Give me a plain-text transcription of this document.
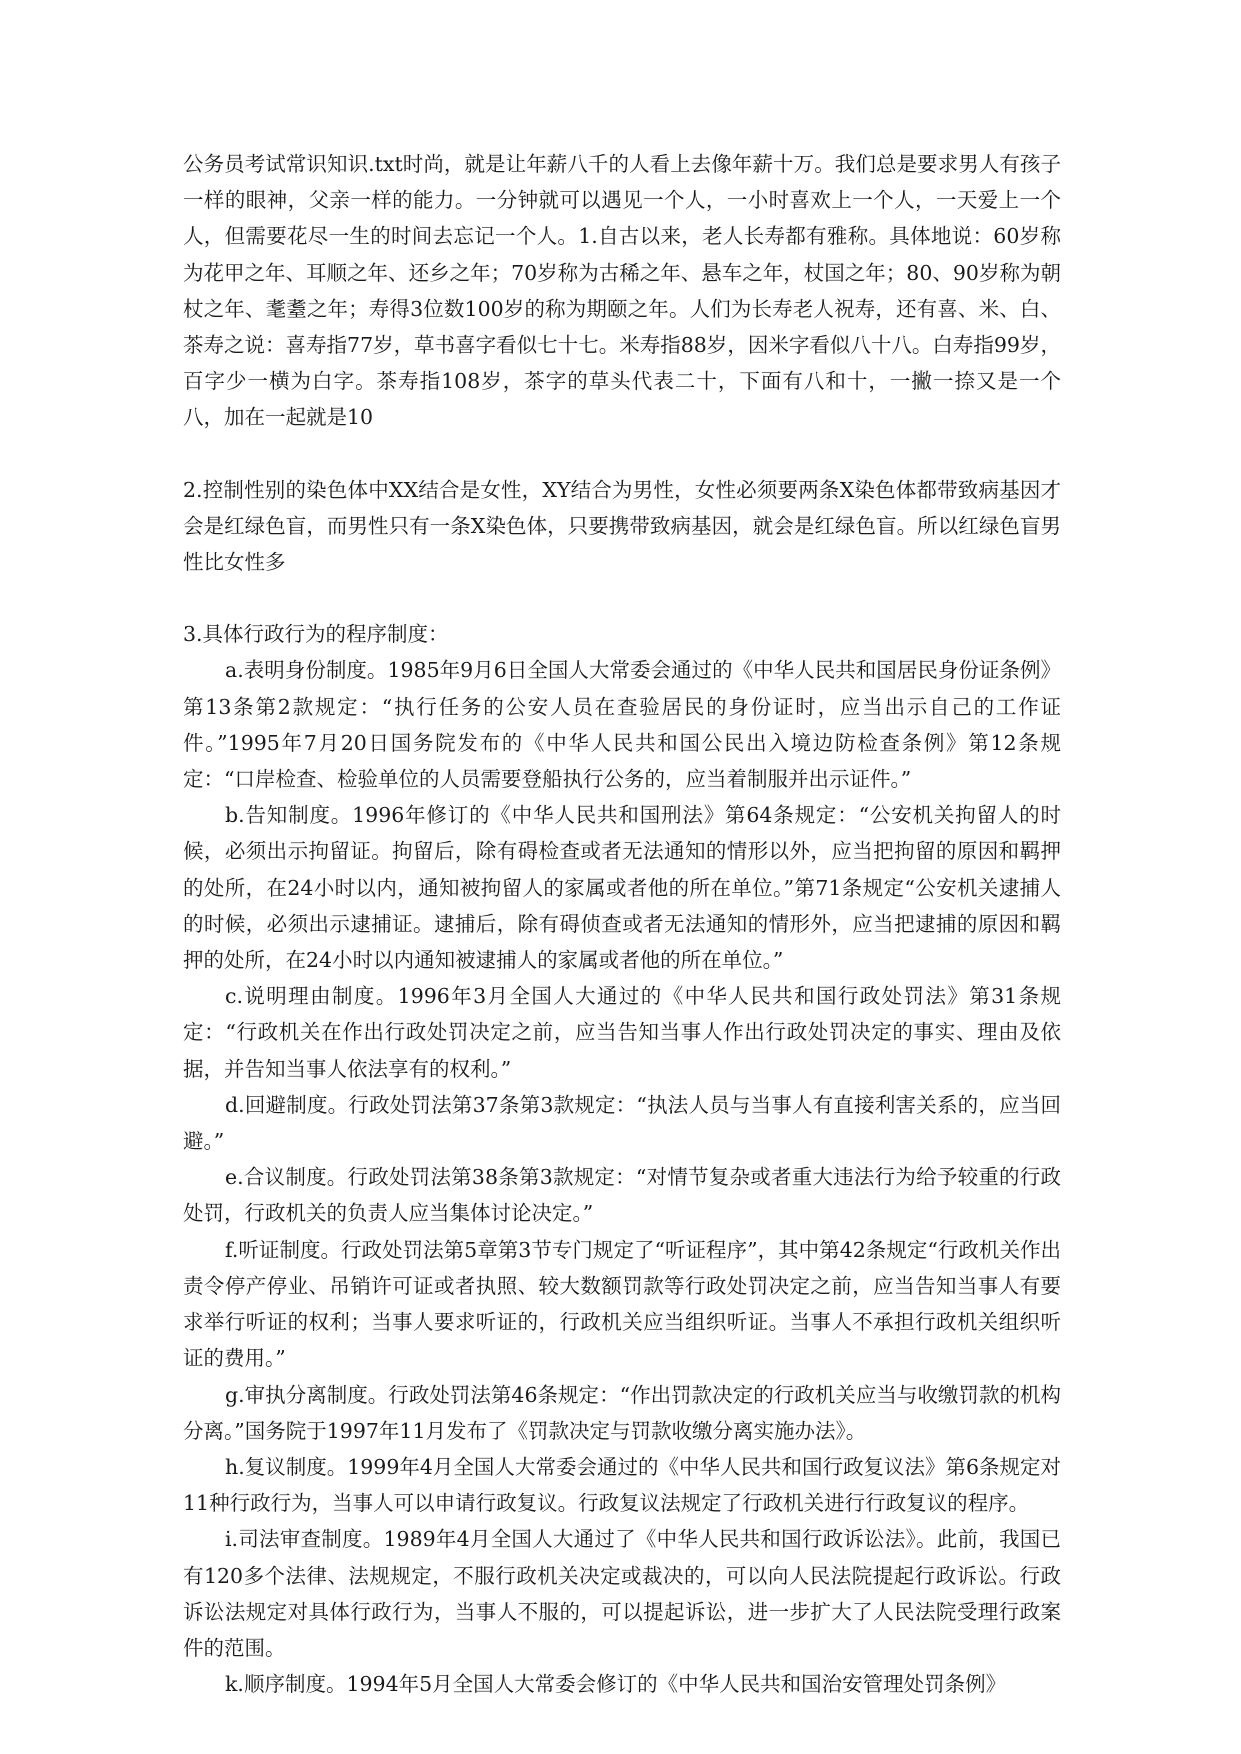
公务员考试常识知识.txt时尚，就是让年薪八千的人看上去像年薪十万。我们总是要求男人有孩子一样的眼神，父亲一样的能力。一分钟就可以遇见一个人，一小时喜欢上一个人，一天爱上一个人，但需要花尽一生的时间去忘记一个人。1.自古以来，老人长寿都有雅称。具体地说：60岁称为花甲之年、耳顺之年、还乡之年；70岁称为古稀之年、悬车之年，杖国之年；80、90岁称为朝杖之年、耄耋之年；寿得3位数100岁的称为期颐之年。人们为长寿老人祝寿，还有喜、米、白、茶寿之说：喜寿指77岁，草书喜字看似七十七。米寿指88岁，因米字看似八十八。白寿指99岁，百字少一横为白字。茶寿指108岁，茶字的草头代表二十，下面有八和十，一撇一捺又是一个八，加在一起就是10

2.控制性别的染色体中XX结合是女性，XY结合为男性，女性必须要两条X染色体都带致病基因才会是红绿色盲，而男性只有一条X染色体，只要携带致病基因，就会是红绿色盲。所以红绿色盲男性比女性多

3.具体行政行为的程序制度：

a.表明身份制度。1985年9月6日全国人大常委会通过的《中华人民共和国居民身份证条例》第13条第2款规定：“执行任务的公安人员在查验居民的身份证时，应当出示自己的工作证件。”1995年7月20日国务院发布的《中华人民共和国公民出入境边防检查条例》第12条规定：“口岸检查、检验单位的人员需要登船执行公务的，应当着制服并出示证件。”

b.告知制度。1996年修订的《中华人民共和国刑法》第64条规定：“公安机关拘留人的时候，必须出示拘留证。拘留后，除有碍检查或者无法通知的情形以外，应当把拘留的原因和羁押的处所，在24小时以内，通知被拘留人的家属或者他的所在单位。”第71条规定“公安机关逮捕人的时候，必须出示逮捕证。逮捕后，除有碍侦查或者无法通知的情形外，应当把逮捕的原因和羁押的处所，在24小时以内通知被逮捕人的家属或者他的所在单位。”

c.说明理由制度。1996年3月全国人大通过的《中华人民共和国行政处罚法》第31条规定：“行政机关在作出行政处罚决定之前，应当告知当事人作出行政处罚决定的事实、理由及依据，并告知当事人依法享有的权利。”

d.回避制度。行政处罚法第37条第3款规定：“执法人员与当事人有直接利害关系的，应当回避。”

e.合议制度。行政处罚法第38条第3款规定：“对情节复杂或者重大违法行为给予较重的行政处罚，行政机关的负责人应当集体讨论决定。”

f.听证制度。行政处罚法第5章第3节专门规定了“听证程序”，其中第42条规定“行政机关作出责令停产停业、吊销许可证或者执照、较大数额罚款等行政处罚决定之前，应当告知当事人有要求举行听证的权利；当事人要求听证的，行政机关应当组织听证。当事人不承担行政机关组织听证的费用。”

g.审执分离制度。行政处罚法第46条规定：“作出罚款决定的行政机关应当与收缴罚款的机构分离。”国务院于1997年11月发布了《罚款决定与罚款收缴分离实施办法》。

h.复议制度。1999年4月全国人大常委会通过的《中华人民共和国行政复议法》第6条规定对11种行政行为，当事人可以申请行政复议。行政复议法规定了行政机关进行行政复议的程序。

i.司法审查制度。1989年4月全国人大通过了《中华人民共和国行政诉讼法》。此前，我国已有120多个法律、法规规定，不服行政机关决定或裁决的，可以向人民法院提起行政诉讼。行政诉讼法规定对具体行政行为，当事人不服的，可以提起诉讼，进一步扩大了人民法院受理行政案件的范围。

k.顺序制度。1994年5月全国人大常委会修订的《中华人民共和国治安管理处罚条例》
